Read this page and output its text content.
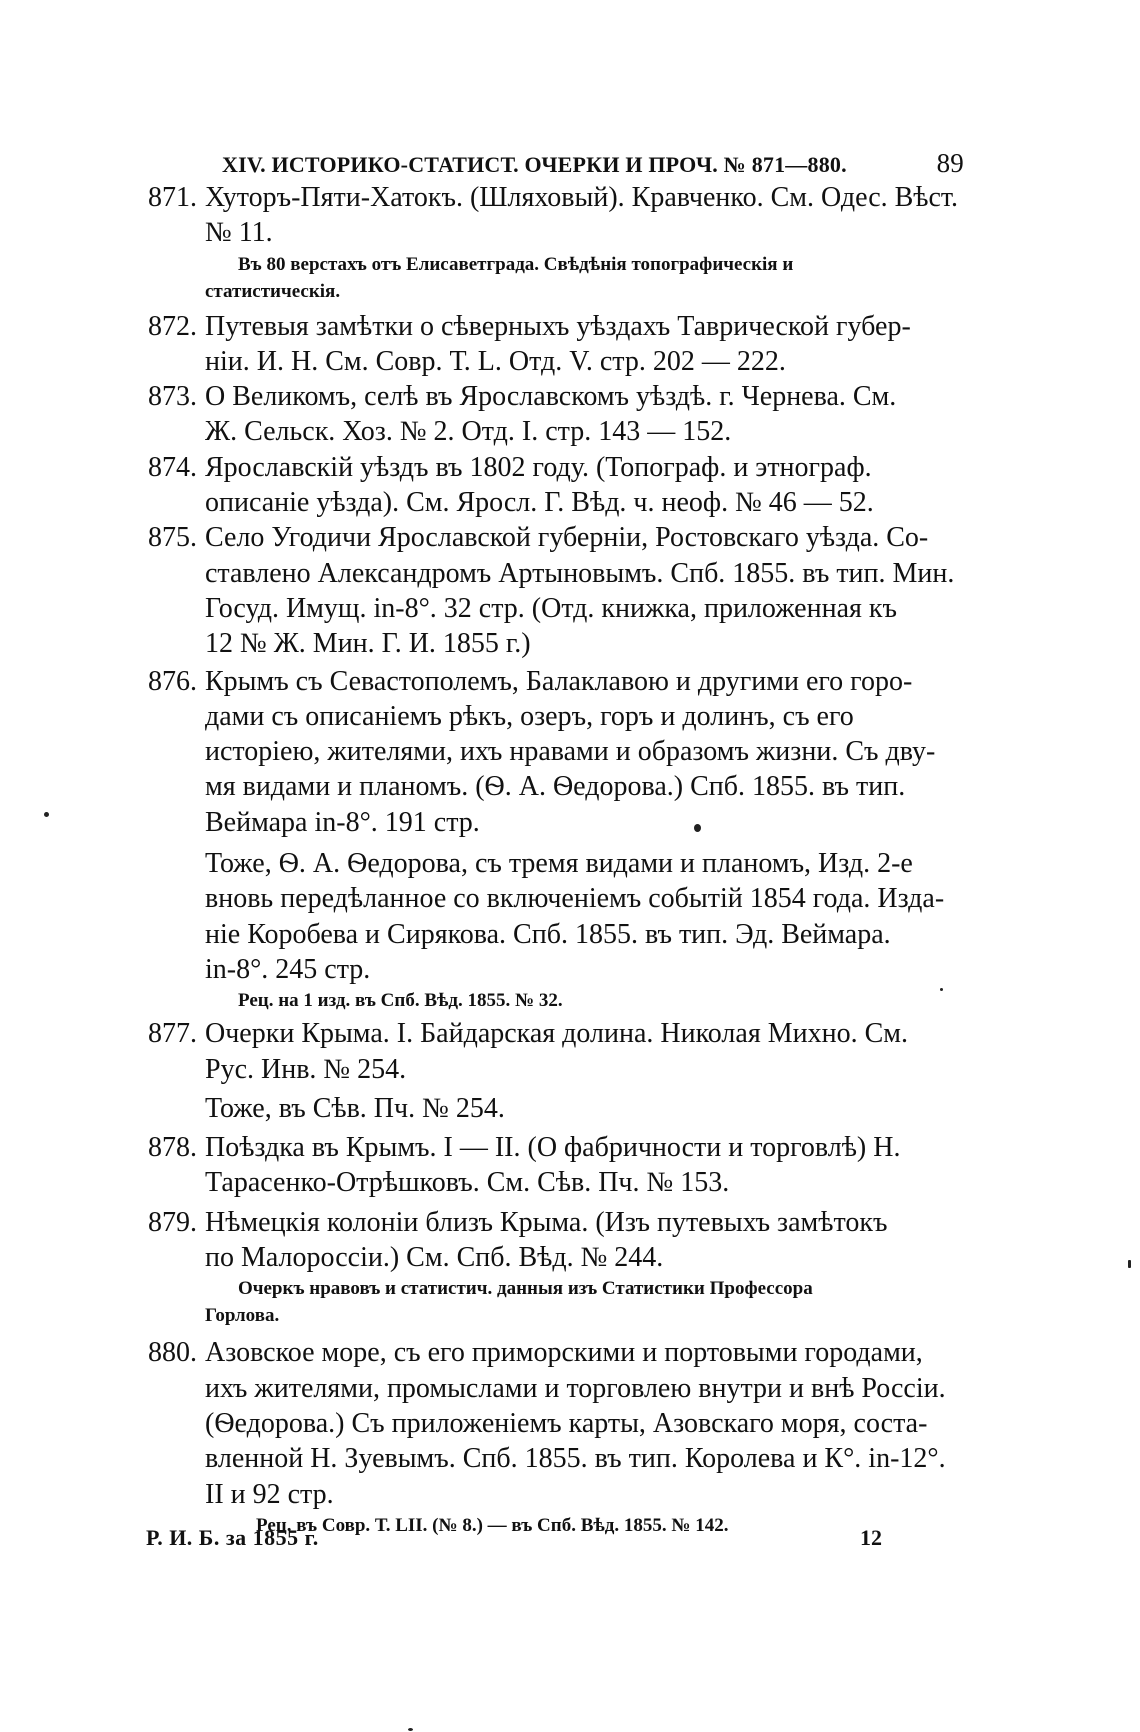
XIV. ИСТОРИКО-СТАТИСТ. ОЧЕРКИ И ПРОЧ. № 871—880.	89
871. Хуторъ-Пяти-Хатокъ. (Шляховый). Кравченко. См. Одес. Вѣст.
№ 11.
Въ 80 верстахъ отъ Елисаветграда. Свѣдѣнія топографическія и
статистическія.
872. Путевыя замѣтки о сѣверныхъ уѣздахъ Таврической губер-
ніи. И. Н. См. Совр. Т. L. Отд. V. стр. 202 — 222.
873. О Великомъ, селѣ въ Ярославскомъ уѣздѣ. г. Чернева. См.
Ж. Сельск. Хоз. № 2. Отд. I. стр. 143 — 152.
874. Ярославскій уѣздъ въ 1802 году. (Топограф. и этнограф.
описаніе уѣзда). См. Яросл. Г. Вѣд. ч. неоф. № 46 — 52.
875. Село Угодичи Ярославской губерніи, Ростовскаго уѣзда. Со-
ставлено Александромъ Артыновымъ. Спб. 1855. въ тип. Мин.
Госуд. Имущ. in-8°. 32 стр. (Отд. книжка, приложенная къ
12 № Ж. Мин. Г. И. 1855 г.)
876. Крымъ съ Севастополемъ, Балаклавою и другими его горо-
дами съ описаніемъ рѣкъ, озеръ, горъ и долинъ, съ его
исторіею, жителями, ихъ нравами и образомъ жизни. Съ дву-
мя видами и планомъ. (Ѳ. А. Ѳедорова.) Спб. 1855. въ тип.
Веймара in-8°. 191 стр.
Тоже, Ѳ. А. Ѳедорова, съ тремя видами и планомъ, Изд. 2-е
вновь передѣланное со включеніемъ событій 1854 года. Изда-
ніе Коробева и Сирякова. Спб. 1855. въ тип. Эд. Веймара.
in-8°. 245 стр.
Рец. на 1 изд. въ Спб. Вѣд. 1855. № 32.
877. Очерки Крыма. I. Байдарская долина. Николая Михно. См.
Рус. Инв. № 254.
Тоже, въ Сѣв. Пч. № 254.
878. Поѣздка въ Крымъ. I — II. (О фабричности и торговлѣ) Н.
Тарасенко-Отрѣшковъ. См. Сѣв. Пч. № 153.
879. Нѣмецкія колоніи близъ Крыма. (Изъ путевыхъ замѣтокъ
по Малороссіи.) См. Спб. Вѣд. № 244.
Очеркъ нравовъ и статистич. данныя изъ Статистики Профессора
Горлова.
880. Азовское море, съ его приморскими и портовыми городами,
ихъ жителями, промыслами и торговлею внутри и внѣ Россіи.
(Ѳедорова.) Съ приложеніемъ карты, Азовскаго моря, соста-
вленной Н. Зуевымъ. Спб. 1855. въ тип. Королева и К°. in-12°.
II и 92 стр.
Рец. въ Совр. Т. LII. (№ 8.) — въ Спб. Вѣд. 1855. № 142.
Р. И. Б. за 1855 г.	12
